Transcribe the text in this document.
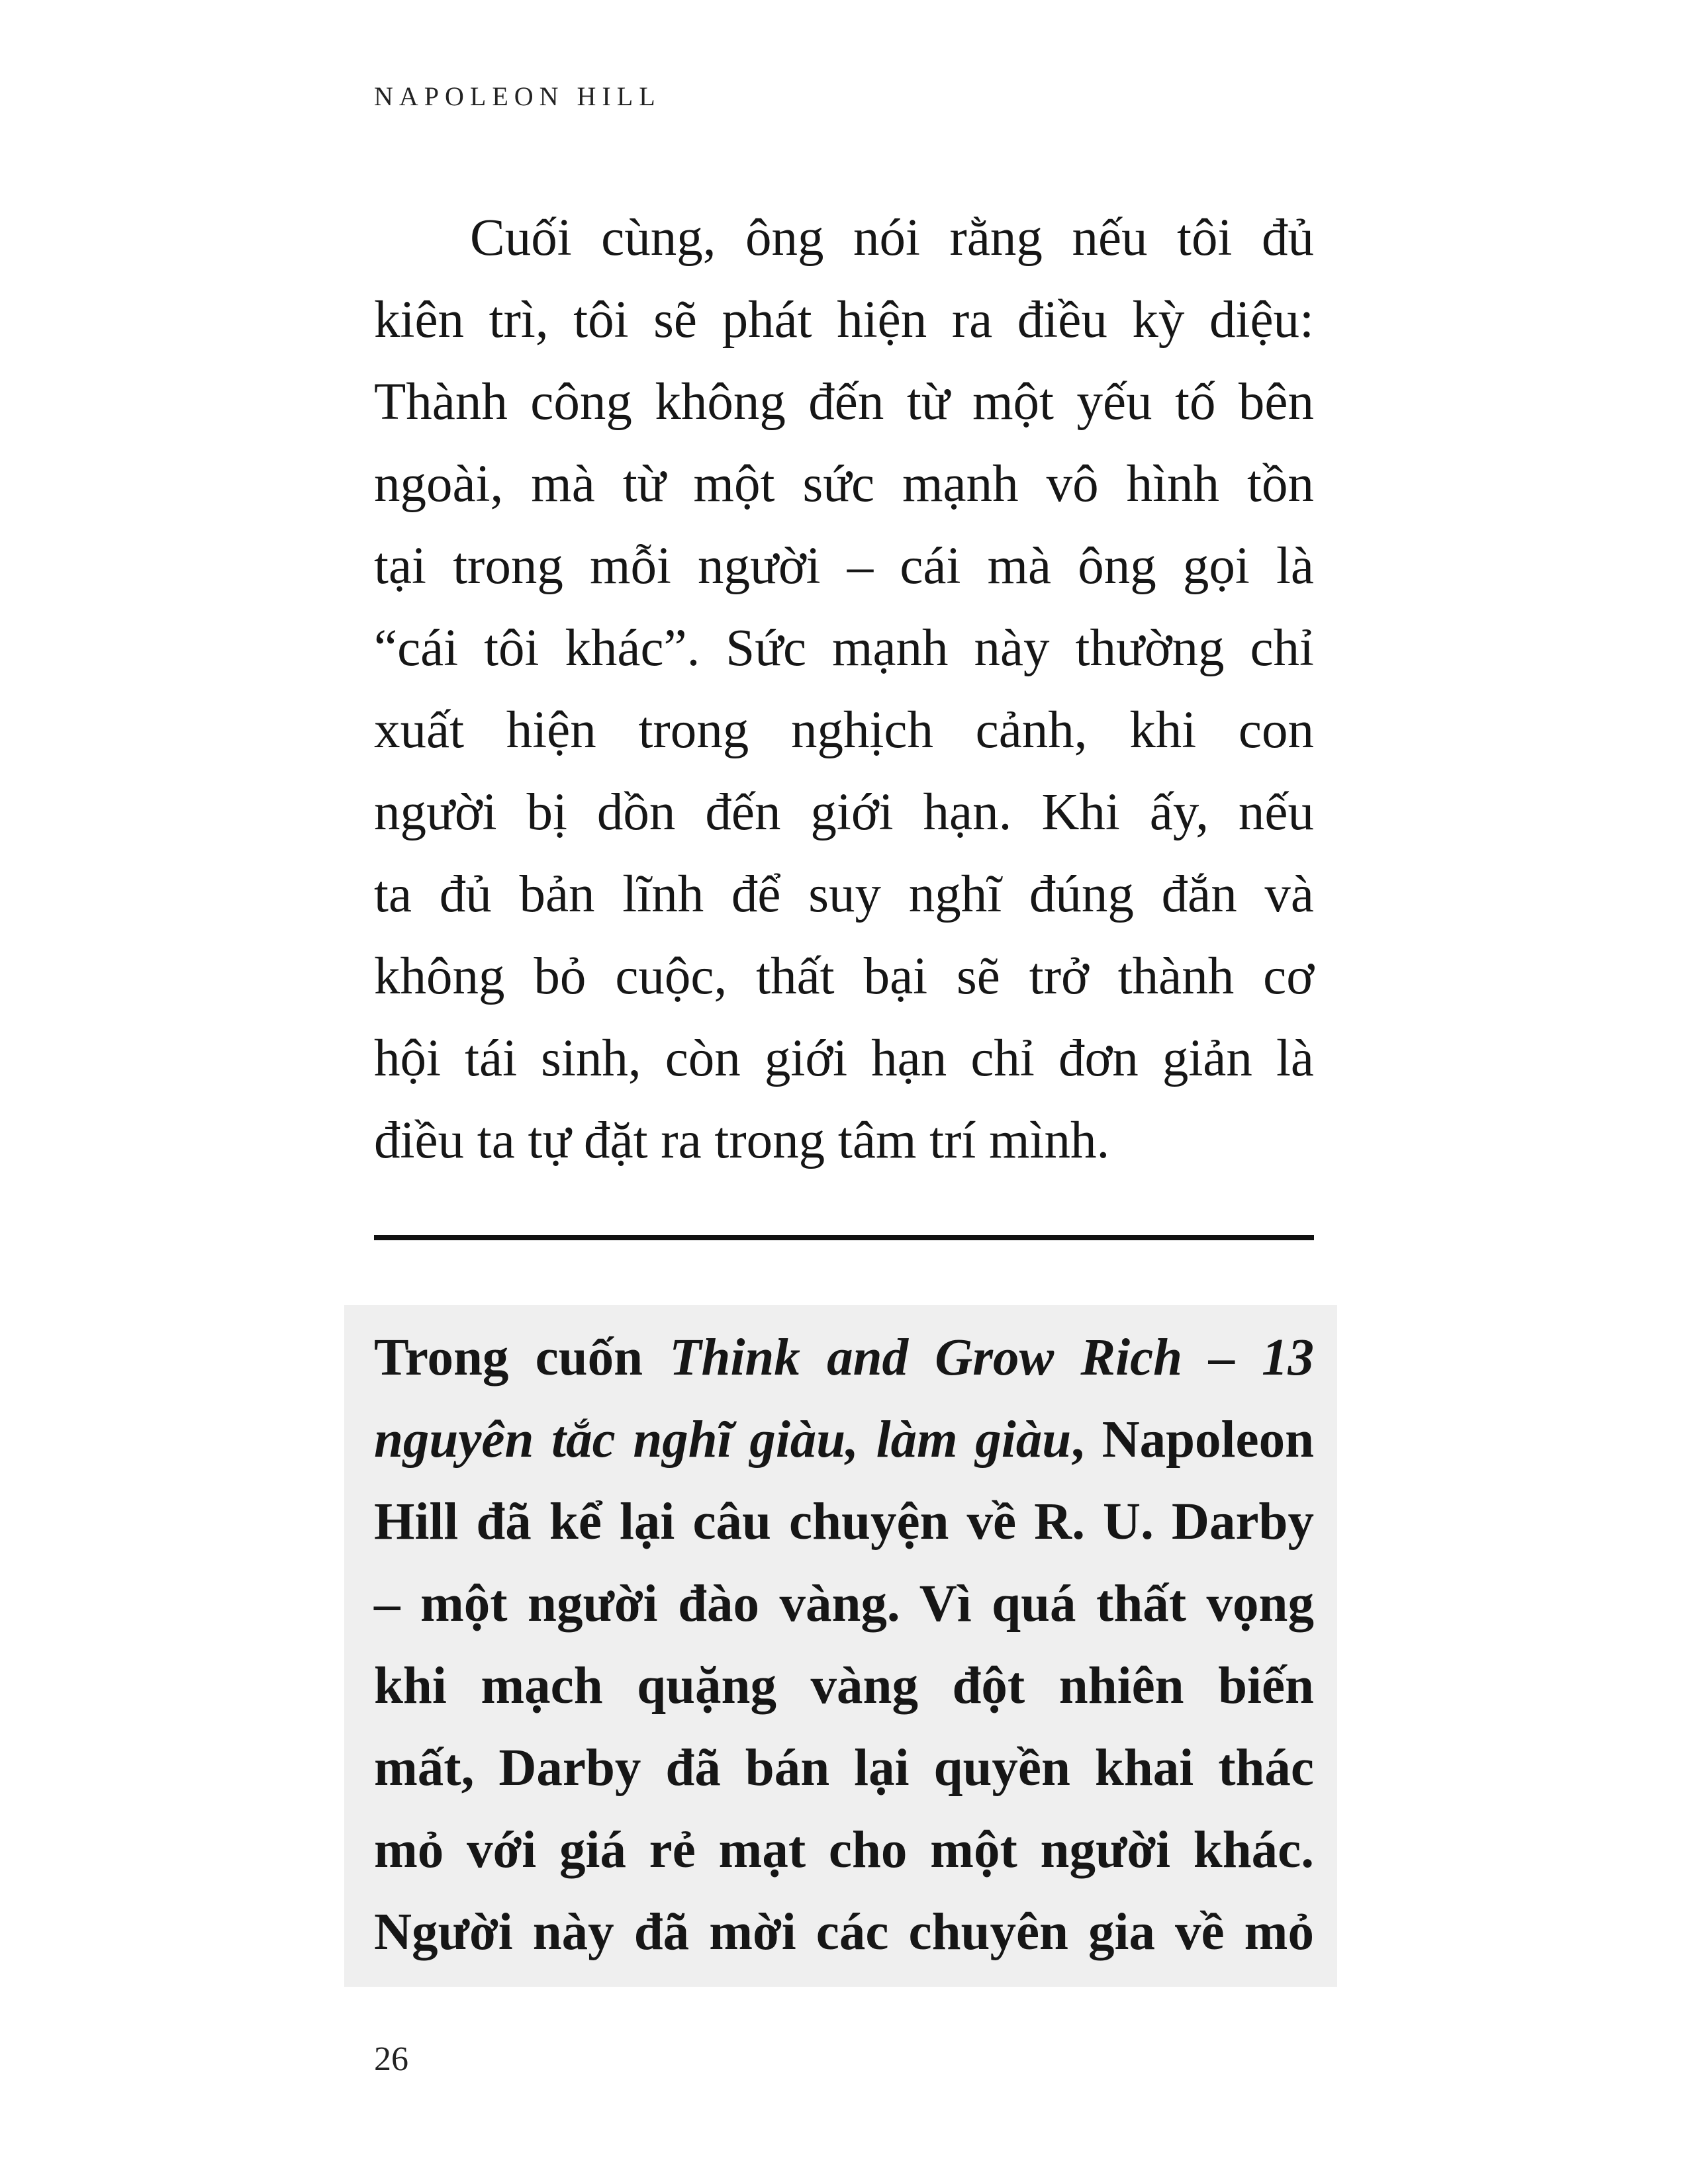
NAPOLEON HILL
Cuối cùng, ông nói rằng nếu tôi đủ
kiên trì, tôi sẽ phát hiện ra điều kỳ diệu:
Thành công không đến từ một yếu tố bên
ngoài, mà từ một sức mạnh vô hình tồn
tại trong mỗi người – cái mà ông gọi là
“cái tôi khác”. Sức mạnh này thường chỉ
xuất hiện trong nghịch cảnh, khi con
người bị dồn đến giới hạn. Khi ấy, nếu
ta đủ bản lĩnh để suy nghĩ đúng đắn và
không bỏ cuộc, thất bại sẽ trở thành cơ
hội tái sinh, còn giới hạn chỉ đơn giản là
điều ta tự đặt ra trong tâm trí mình.
Trong cuốn Think and Grow Rich – 13
nguyên tắc nghĩ giàu, làm giàu, Napoleon
Hill đã kể lại câu chuyện về R. U. Darby
– một người đào vàng. Vì quá thất vọng
khi mạch quặng vàng đột nhiên biến
mất, Darby đã bán lại quyền khai thác
mỏ với giá rẻ mạt cho một người khác.
Người này đã mời các chuyên gia về mỏ
26
